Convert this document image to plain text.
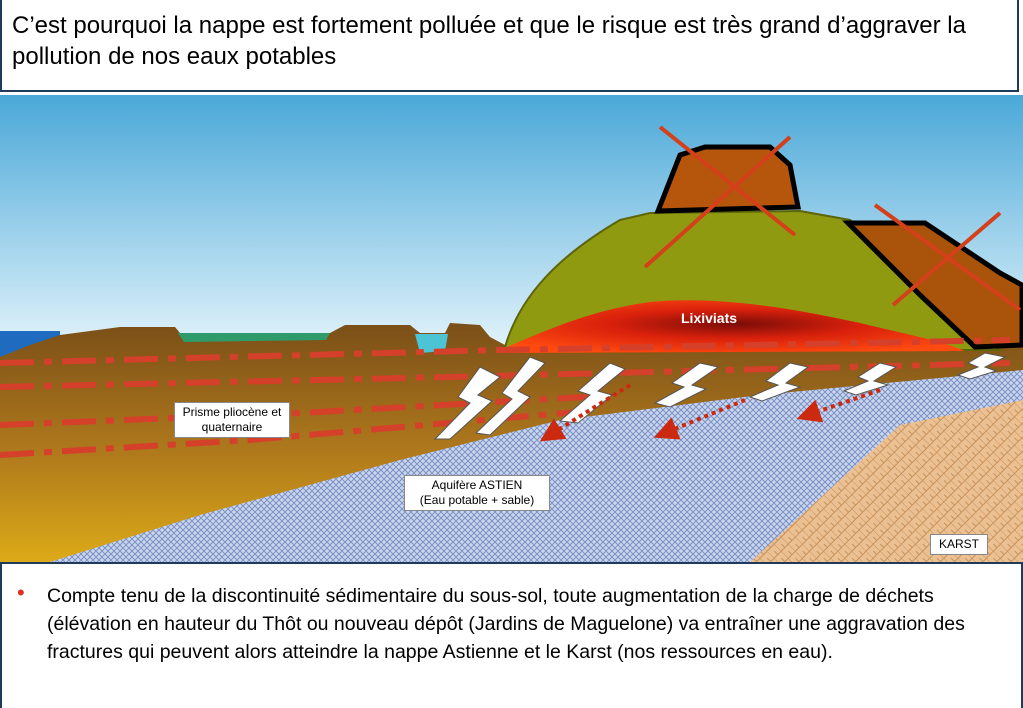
C’est pourquoi la nappe est fortement polluée et que le risque est très grand d’aggraver la pollution de nos eaux potables
Lixiviats
Prisme pliocène et quaternaire
Aquifère ASTIEN
(Eau potable + sable)
KARST
• Compte tenu de la discontinuité sédimentaire du sous-sol, toute augmentation de la charge de déchets (élévation en hauteur du Thôt ou nouveau dépôt (Jardins de Maguelone) va entraîner une aggravation des fractures qui peuvent alors atteindre la nappe Astienne et le Karst (nos ressources en eau).
